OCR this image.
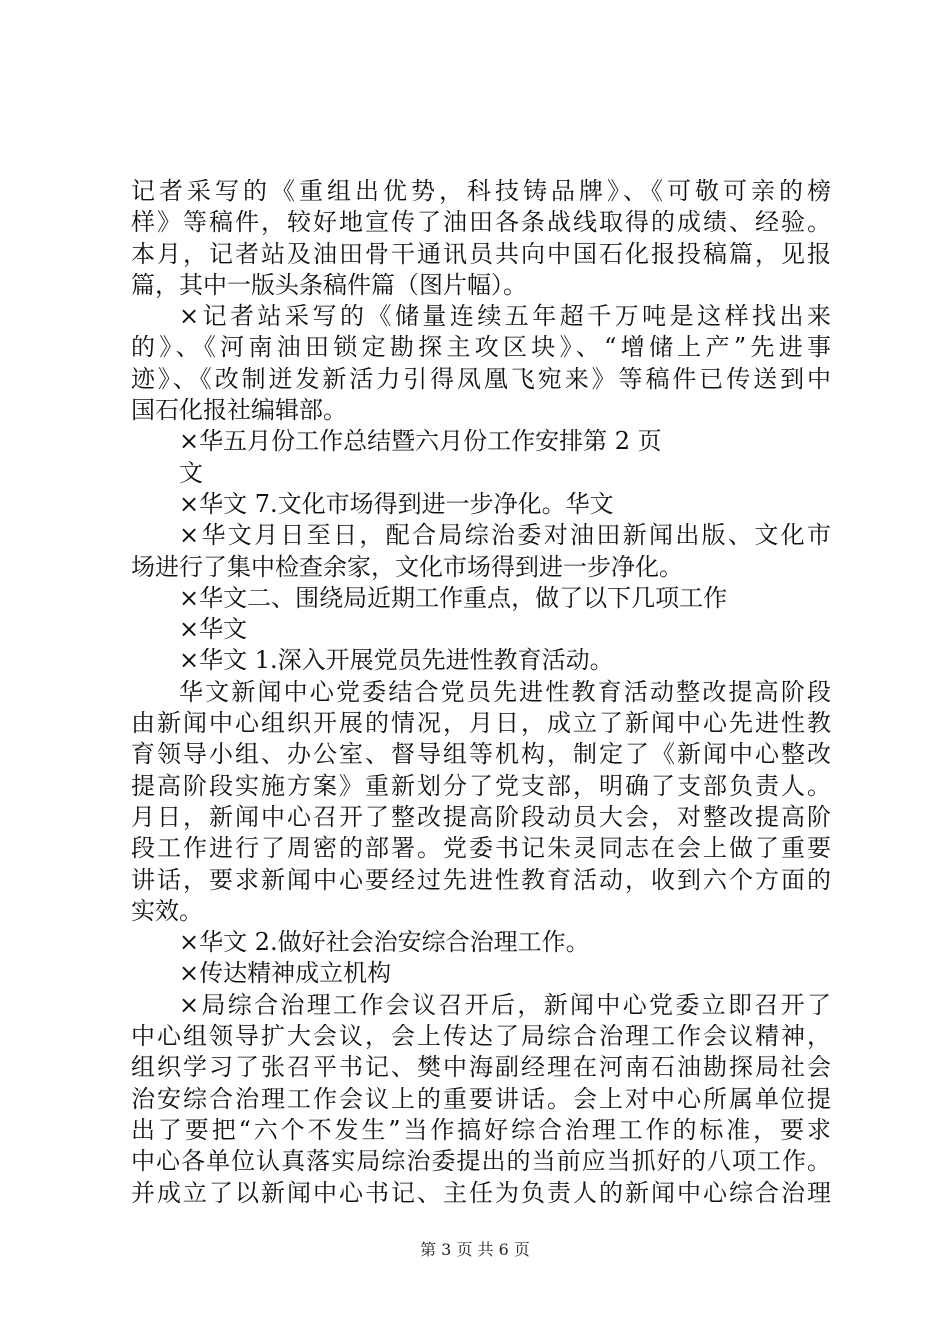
记者采写的《重组出优势，科技铸品牌》、《可敬可亲的榜
样》等稿件，较好地宣传了油田各条战线取得的成绩、经验。
本月，记者站及油田骨干通讯员共向中国石化报投稿篇，见报
篇，其中一版头条稿件篇（图片幅）。
×记者站采写的《储量连续五年超千万吨是这样找出来
的》、《河南油田锁定勘探主攻区块》、“增储上产”先进事
迹》、《改制迸发新活力引得凤凰飞宛来》等稿件已传送到中
国石化报社编辑部。
×华五月份工作总结暨六月份工作安排第 2 页
文
×华文 7.文化市场得到进一步净化。华文
×华文月日至日，配合局综治委对油田新闻出版、文化市
场进行了集中检查余家，文化市场得到进一步净化。
×华文二、围绕局近期工作重点，做了以下几项工作
×华文
×华文 1.深入开展党员先进性教育活动。
华文新闻中心党委结合党员先进性教育活动整改提高阶段
由新闻中心组织开展的情况，月日，成立了新闻中心先进性教
育领导小组、办公室、督导组等机构，制定了《新闻中心整改
提高阶段实施方案》重新划分了党支部，明确了支部负责人。
月日，新闻中心召开了整改提高阶段动员大会，对整改提高阶
段工作进行了周密的部署。党委书记朱灵同志在会上做了重要
讲话，要求新闻中心要经过先进性教育活动，收到六个方面的
实效。
×华文 2.做好社会治安综合治理工作。
×传达精神成立机构
×局综合治理工作会议召开后，新闻中心党委立即召开了
中心组领导扩大会议，会上传达了局综合治理工作会议精神，
组织学习了张召平书记、樊中海副经理在河南石油勘探局社会
治安综合治理工作会议上的重要讲话。会上对中心所属单位提
出了要把“六个不发生”当作搞好综合治理工作的标准，要求
中心各单位认真落实局综治委提出的当前应当抓好的八项工作。
并成立了以新闻中心书记、主任为负责人的新闻中心综合治理
第 3 页 共 6 页
